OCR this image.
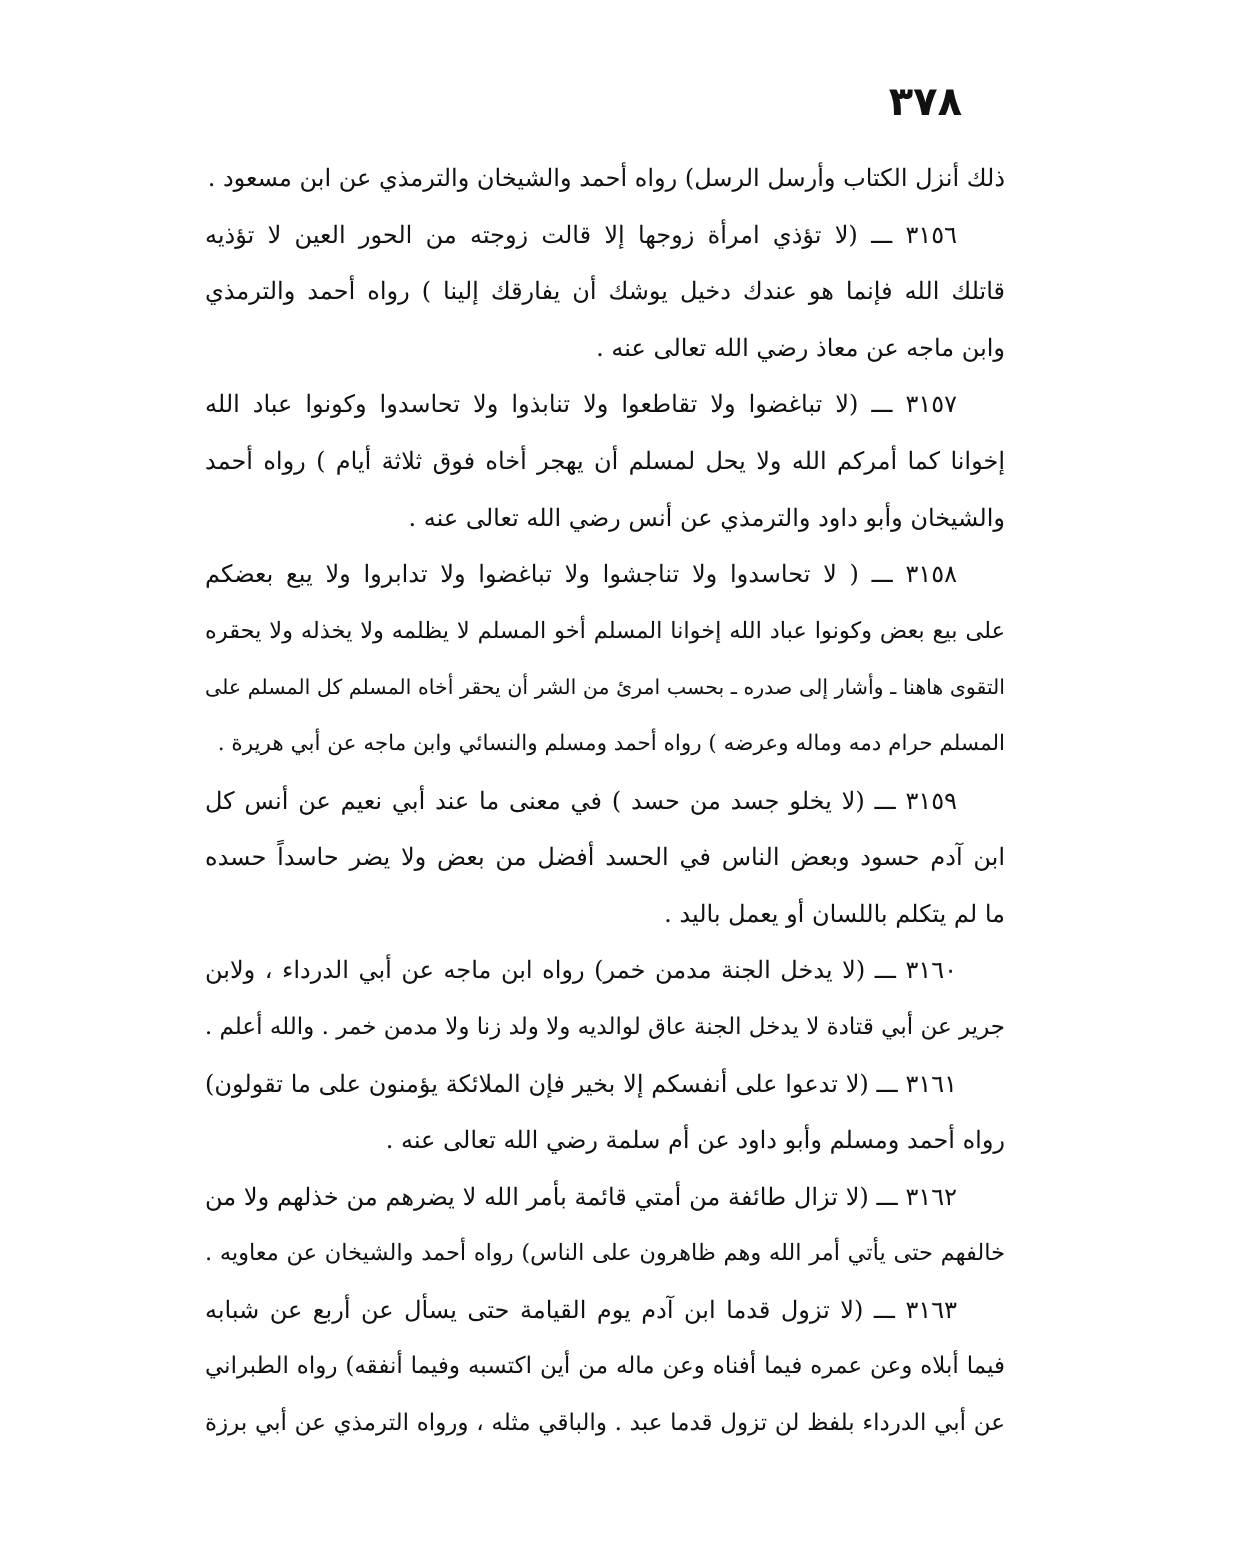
٣٧٨
ذلك أنزل الكتاب وأرسل الرسل) رواه أحمد والشيخان والترمذي عن ابن مسعود .
٣١٥٦ ـــ (لا تؤذي امرأة زوجها إلا قالت زوجته من الحور العين لا تؤذيه
قاتلك الله فإنما هو عندك دخيل يوشك أن يفارقك إلينا ) رواه أحمد والترمذي
وابن ماجه عن معاذ رضي الله تعالى عنه .
٣١٥٧ ـــ (لا تباغضوا ولا تقاطعوا ولا تنابذوا ولا تحاسدوا وكونوا عباد الله
إخوانا كما أمركم الله ولا يحل لمسلم أن يهجر أخاه فوق ثلاثة أيام ) رواه أحمد
والشيخان وأبو داود والترمذي عن أنس رضي الله تعالى عنه .
٣١٥٨ ـــ ( لا تحاسدوا ولا تناجشوا ولا تباغضوا ولا تدابروا ولا يبع بعضكم
على بيع بعض وكونوا عباد الله إخوانا المسلم أخو المسلم لا يظلمه ولا يخذله ولا يحقره
التقوى هاهنا ـ وأشار إلى صدره ـ بحسب امرئ من الشر أن يحقر أخاه المسلم كل المسلم على
المسلم حرام دمه وماله وعرضه ) رواه أحمد ومسلم والنسائي وابن ماجه عن أبي هريرة .
٣١٥٩ ـــ (لا يخلو جسد من حسد ) في معنى ما عند أبي نعيم عن أنس كل
ابن آدم حسود وبعض الناس في الحسد أفضل من بعض ولا يضر حاسداً حسده
ما لم يتكلم باللسان أو يعمل باليد .
٣١٦٠ ـــ (لا يدخل الجنة مدمن خمر) رواه ابن ماجه عن أبي الدرداء ، ولابن
جرير عن أبي قتادة لا يدخل الجنة عاق لوالديه ولا ولد زنا ولا مدمن خمر . والله أعلم .
٣١٦١ ـــ (لا تدعوا على أنفسكم إلا بخير فإن الملائكة يؤمنون على ما تقولون)
رواه أحمد ومسلم وأبو داود عن أم سلمة رضي الله تعالى عنه .
٣١٦٢ ـــ (لا تزال طائفة من أمتي قائمة بأمر الله لا يضرهم من خذلهم ولا من
خالفهم حتى يأتي أمر الله وهم ظاهرون على الناس) رواه أحمد والشيخان عن معاويه .
٣١٦٣ ـــ (لا تزول قدما ابن آدم يوم القيامة حتى يسأل عن أربع عن شبابه
فيما أبلاه وعن عمره فيما أفناه وعن ماله من أين اكتسبه وفيما أنفقه) رواه الطبراني
عن أبي الدرداء بلفظ لن تزول قدما عبد . والباقي مثله ، ورواه الترمذي عن أبي برزة
